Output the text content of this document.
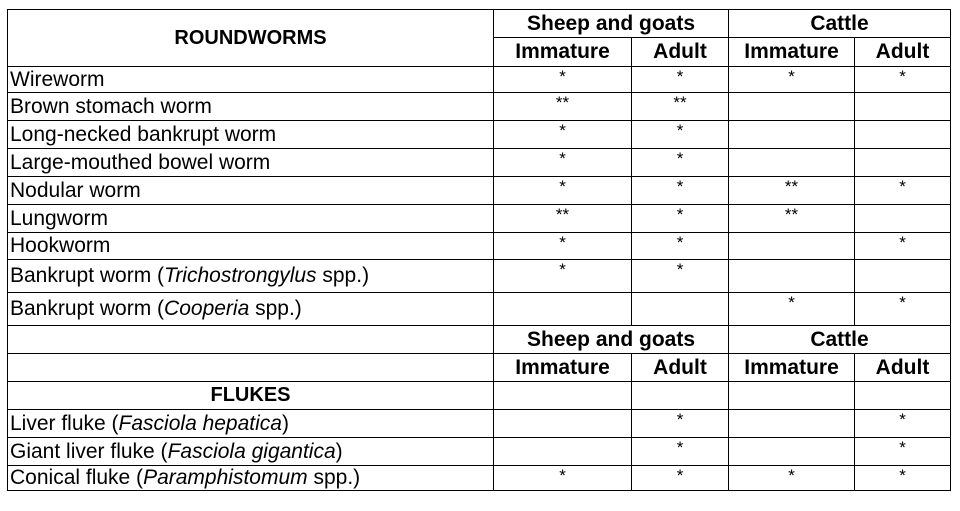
ROUNDWORMS	Sheep and goats		Cattle	
	Immature	Adult	Immature	Adult
Wireworm	*	*	*	*
Brown stomach worm	**	**		
Long-necked bankrupt worm	*	*		
Large-mouthed bowel worm	*	*		
Nodular worm	*	*	**	*
Lungworm	**	*	**	
Hookworm	*	*		*
Bankrupt worm (Trichostrongylus spp.)	*	*		
Bankrupt worm (Cooperia spp.)			*	*
	Sheep and goats		Cattle	
	Immature	Adult	Immature	Adult
FLUKES				
Liver fluke (Fasciola hepatica)		*		*
Giant liver fluke (Fasciola gigantica)		*		*
Conical fluke (Paramphistomum spp.)	*	*	*	*
